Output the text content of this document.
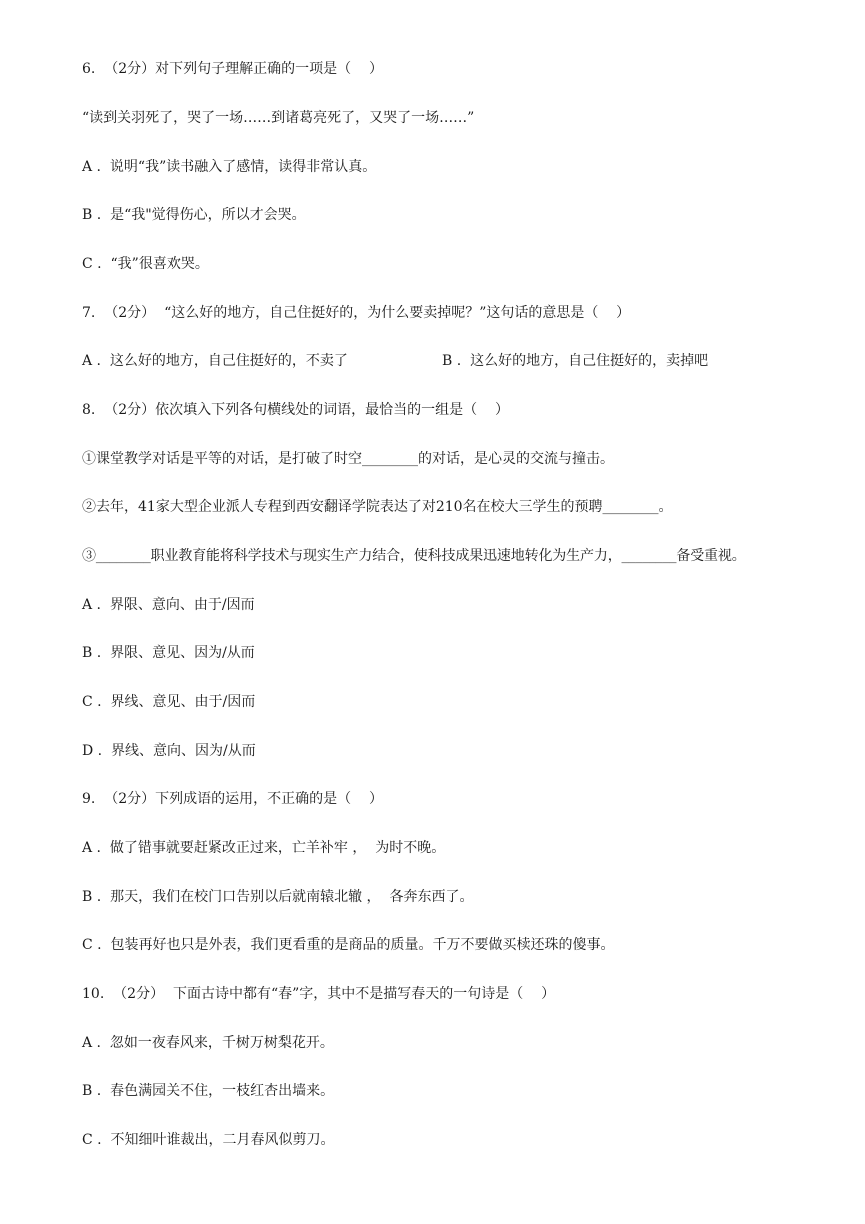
6.  （2分）对下列句子理解正确的一项是（    ）
“读到关羽死了，哭了一场……到诸葛亮死了，又哭了一场……”
A .  说明“我”读书融入了感情，读得非常认真。
B .  是“我"觉得伤心，所以才会哭。
C .  “我”很喜欢哭。
7.  （2分）  “这么好的地方，自己住挺好的，为什么要卖掉呢？”这句话的意思是（    ）
A .  这么好的地方，自己住挺好的，不卖了	B .  这么好的地方，自己住挺好的，卖掉吧
8.  （2分）依次填入下列各句横线处的词语，最恰当的一组是（    ）
①课堂教学对话是平等的对话，是打破了时空________的对话，是心灵的交流与撞击。
②去年，41家大型企业派人专程到西安翻译学院表达了对210名在校大三学生的预聘________。
③________职业教育能将科学技术与现实生产力结合，使科技成果迅速地转化为生产力，________备受重视。
A .  界限、意向、由于/因而
B .  界限、意见、因为/从而
C .  界线、意见、由于/因而
D .  界线、意向、因为/从而
9.  （2分）下列成语的运用，不正确的是（    ）
A .  做了错事就要赶紧改正过来，亡羊补牢 ，  为时不晚。
B .  那天，我们在校门口告别以后就南辕北辙 ，  各奔东西了。
C .  包装再好也只是外表，我们更看重的是商品的质量。千万不要做买椟还珠的傻事。
10.  （2分）  下面古诗中都有“春”字，其中不是描写春天的一句诗是（    ）
A .  忽如一夜春风来，千树万树梨花开。
B .  春色满园关不住，一枝红杏出墙来。
C .  不知细叶谁裁出，二月春风似剪刀。
